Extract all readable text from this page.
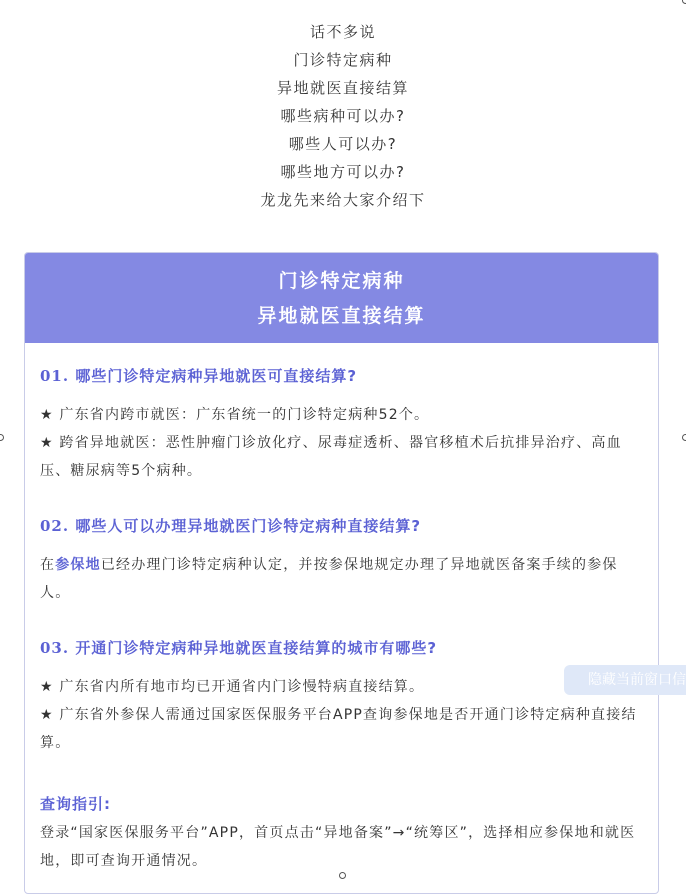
话不多说
门诊特定病种
异地就医直接结算
哪些病种可以办?
哪些人可以办?
哪些地方可以办?
龙龙先来给大家介绍下
门诊特定病种
异地就医直接结算
01. 哪些门诊特定病种异地就医可直接结算?
★ 广东省内跨市就医：广东省统一的门诊特定病种52个。
★ 跨省异地就医：恶性肿瘤门诊放化疗、尿毒症透析、器官移植术后抗排异治疗、高血压、糖尿病等5个病种。
02. 哪些人可以办理异地就医门诊特定病种直接结算?
在参保地已经办理门诊特定病种认定，并按参保地规定办理了异地就医备案手续的参保人。
03. 开通门诊特定病种异地就医直接结算的城市有哪些?
★ 广东省内所有地市均已开通省内门诊慢特病直接结算。
★ 广东省外参保人需通过国家医保服务平台APP查询参保地是否开通门诊特定病种直接结算。
查询指引:
登录“国家医保服务平台”APP，首页点击“异地备案”→“统筹区”，选择相应参保地和就医地，即可查询开通情况。
隐藏当前窗口信
